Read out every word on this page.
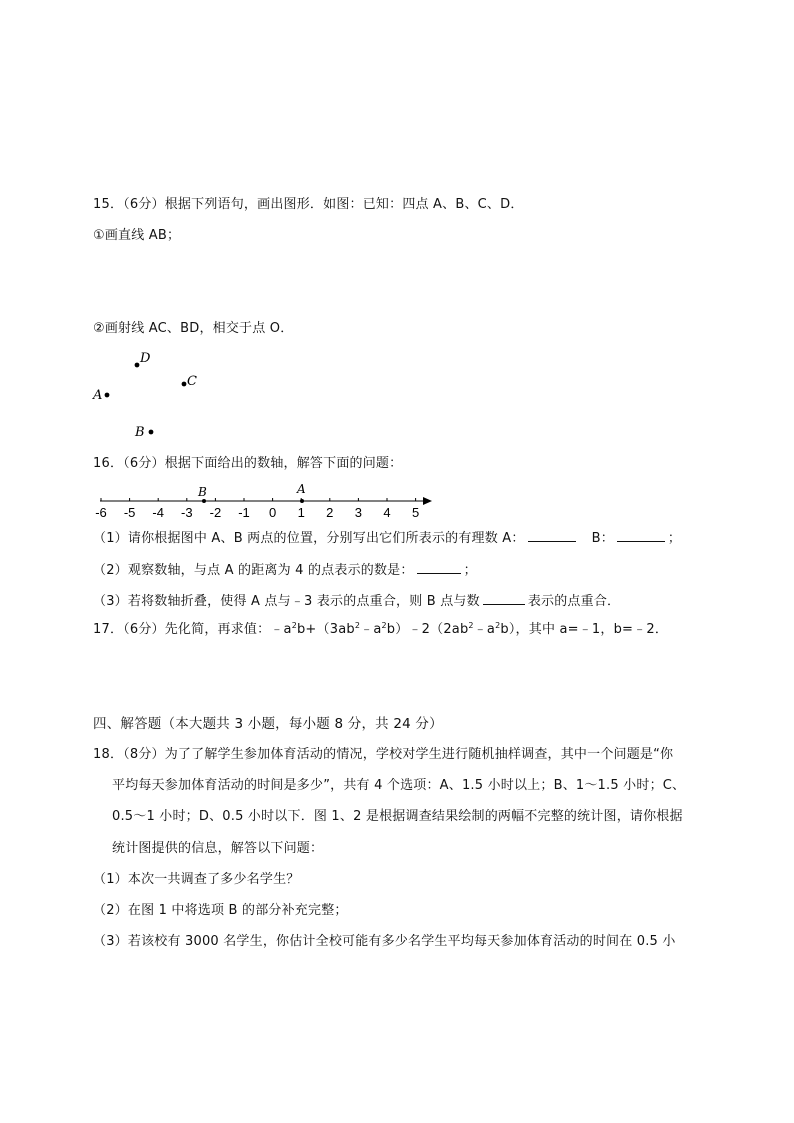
15．（6分）根据下列语句，画出图形．如图：已知：四点 A、B、C、D．
①画直线 AB；
②画射线 AC、BD，相交于点 O．
D
C
A
B
16．（6分）根据下面给出的数轴，解答下面的问题：
-6 -5 -4 -3 -2 -1 0 1 2 3 4 5
B	A
（1）请你根据图中 A、B 两点的位置，分别写出它们所表示的有理数 A：	B：	；
（2）观察数轴，与点 A 的距离为 4 的点表示的数是：	；
（3）若将数轴折叠，使得 A 点与﹣3 表示的点重合，则 B 点与数	表示的点重合．
17．（6分）先化简，再求值：$﹣a^2b+(3ab^2﹣a^2b)﹣2(2ab^2﹣a^2b)$，其中 a=﹣1，b=﹣2．
四、解答题（本大题共 3 小题，每小题 8 分，共 24 分）
18．（8分）为了了解学生参加体育活动的情况，学校对学生进行随机抽样调查，其中一个问题是“你
平均每天参加体育活动的时间是多少”，共有 4 个选项：A、1.5 小时以上；B、1～1.5 小时；C、
0.5～1 小时；D、0.5 小时以下．图 1、2 是根据调查结果绘制的两幅不完整的统计图，请你根据
统计图提供的信息，解答以下问题：
（1）本次一共调查了多少名学生？
（2）在图 1 中将选项 B 的部分补充完整；
（3）若该校有 3000 名学生，你估计全校可能有多少名学生平均每天参加体育活动的时间在 0.5 小
